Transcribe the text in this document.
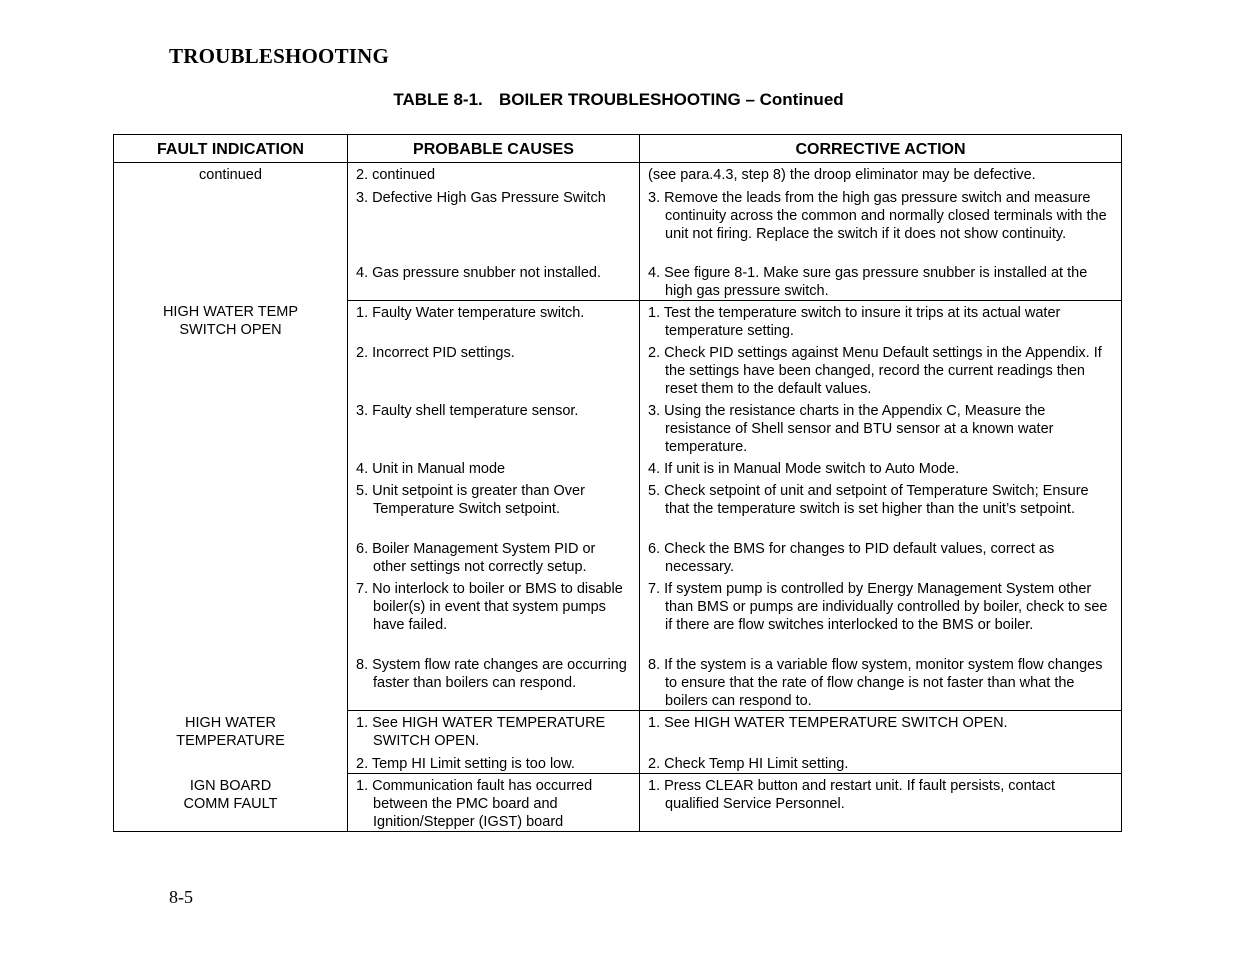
TROUBLESHOOTING
TABLE 8-1. BOILER TROUBLESHOOTING – Continued
FAULT INDICATION	PROBABLE CAUSES	CORRECTIVE ACTION
continued	2. continued	(see para.4.3, step 8) the droop eliminator may be defective.

	3. Defective High Gas Pressure Switch	3. Remove the leads from the high gas pressure switch and measure continuity across the common and normally closed terminals with the unit not firing. Replace the switch if it does not show continuity.

	4. Gas pressure snubber not installed.	4. See figure 8-1. Make sure gas pressure snubber is installed at the high gas pressure switch.

HIGH WATER TEMP
SWITCH OPEN	1. Faulty Water temperature switch.	1. Test the temperature switch to insure it trips at its actual water temperature setting.

	2. Incorrect PID settings.	2. Check PID settings against Menu Default settings in the Appendix. If the settings have been changed, record the current readings then reset them to the default values.

	3. Faulty shell temperature sensor.	3. Using the resistance charts in the Appendix C, Measure the resistance of Shell sensor and BTU sensor at a known water temperature.

	4. Unit in Manual mode	4. If unit is in Manual Mode switch to Auto Mode.

	5. Unit setpoint is greater than Over Temperature Switch setpoint.	5. Check setpoint of unit and setpoint of Temperature Switch; Ensure that the temperature switch is set higher than the unit’s setpoint.

	6. Boiler Management System PID or other settings not correctly setup.	6. Check the BMS for changes to PID default values, correct as necessary.

	7. No interlock to boiler or BMS to disable boiler(s) in event that system pumps have failed.	7. If system pump is controlled by Energy Management System other than BMS or pumps are individually controlled by boiler, check to see if there are flow switches interlocked to the BMS or boiler.

	8. System flow rate changes are occurring faster than boilers can respond.	8. If the system is a variable flow system, monitor system flow changes to ensure that the rate of flow change is not faster than what the boilers can respond to.

HIGH WATER
TEMPERATURE	1. See HIGH WATER TEMPERATURE SWITCH OPEN.	1. See HIGH WATER TEMPERATURE SWITCH OPEN.

	2. Temp HI Limit setting is too low.	2. Check Temp HI Limit setting.

IGN BOARD
COMM FAULT	1. Communication fault has occurred between the PMC board and Ignition/Stepper (IGST) board	1. Press CLEAR button and restart unit. If fault persists, contact qualified Service Personnel.
8-5
